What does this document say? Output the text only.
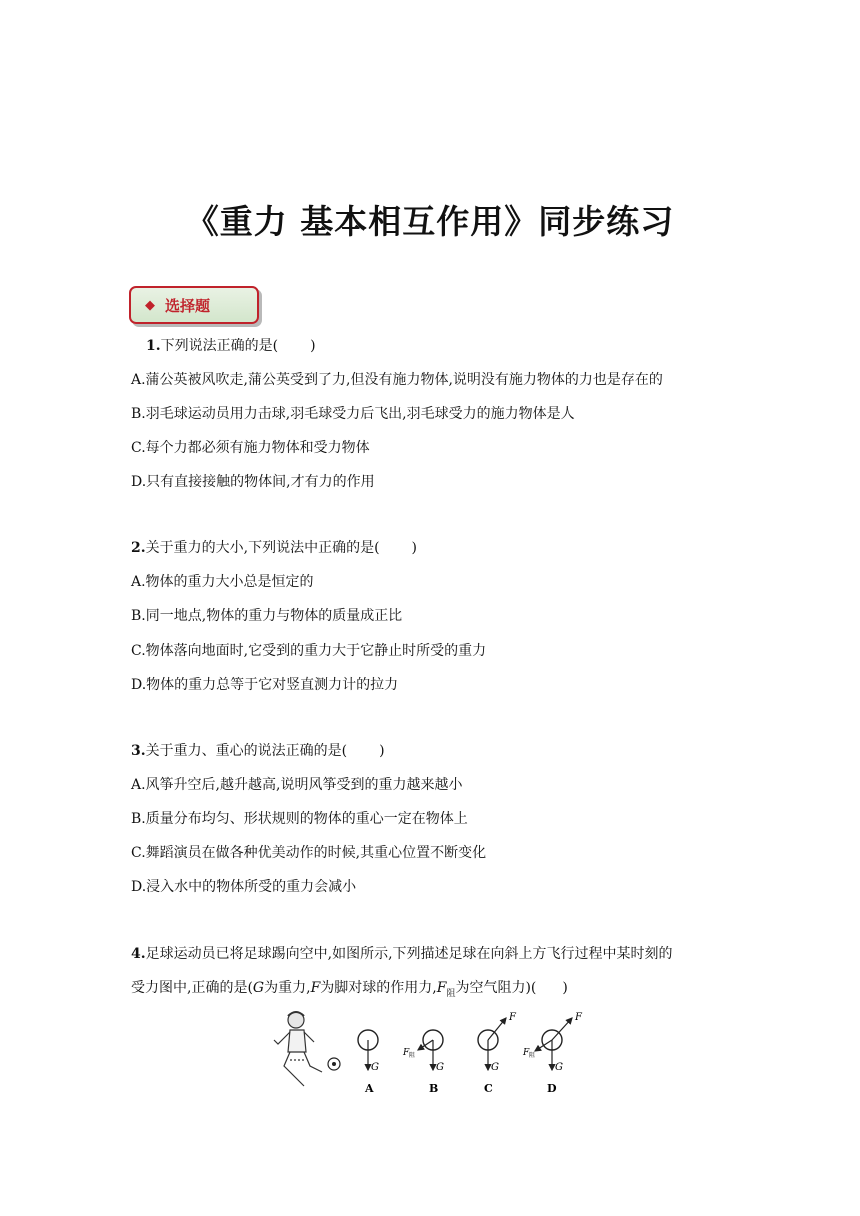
《重力 基本相互作用》同步练习
◆ 选择题
1.下列说法正确的是( )
A.蒲公英被风吹走,蒲公英受到了力,但没有施力物体,说明没有施力物体的力也是存在的
B.羽毛球运动员用力击球,羽毛球受力后飞出,羽毛球受力的施力物体是人
C.每个力都必须有施力物体和受力物体
D.只有直接接触的物体间,才有力的作用
2.关于重力的大小,下列说法中正确的是( )
A.物体的重力大小总是恒定的
B.同一地点,物体的重力与物体的质量成正比
C.物体落向地面时,它受到的重力大于它静止时所受的重力
D.物体的重力总等于它对竖直测力计的拉力
3.关于重力、重心的说法正确的是( )
A.风筝升空后,越升越高,说明风筝受到的重力越来越小
B.质量分布均匀、形状规则的物体的重心一定在物体上
C.舞蹈演员在做各种优美动作的时候,其重心位置不断变化
D.浸入水中的物体所受的重力会减小
4.足球运动员已将足球踢向空中,如图所示,下列描述足球在向斜上方飞行过程中某时刻的
受力图中,正确的是(G为重力,F为脚对球的作用力$,F_阻$为空气阻力)( )
G
A
G
F 阻
B
G
F
C
G
F
F 阻
D
